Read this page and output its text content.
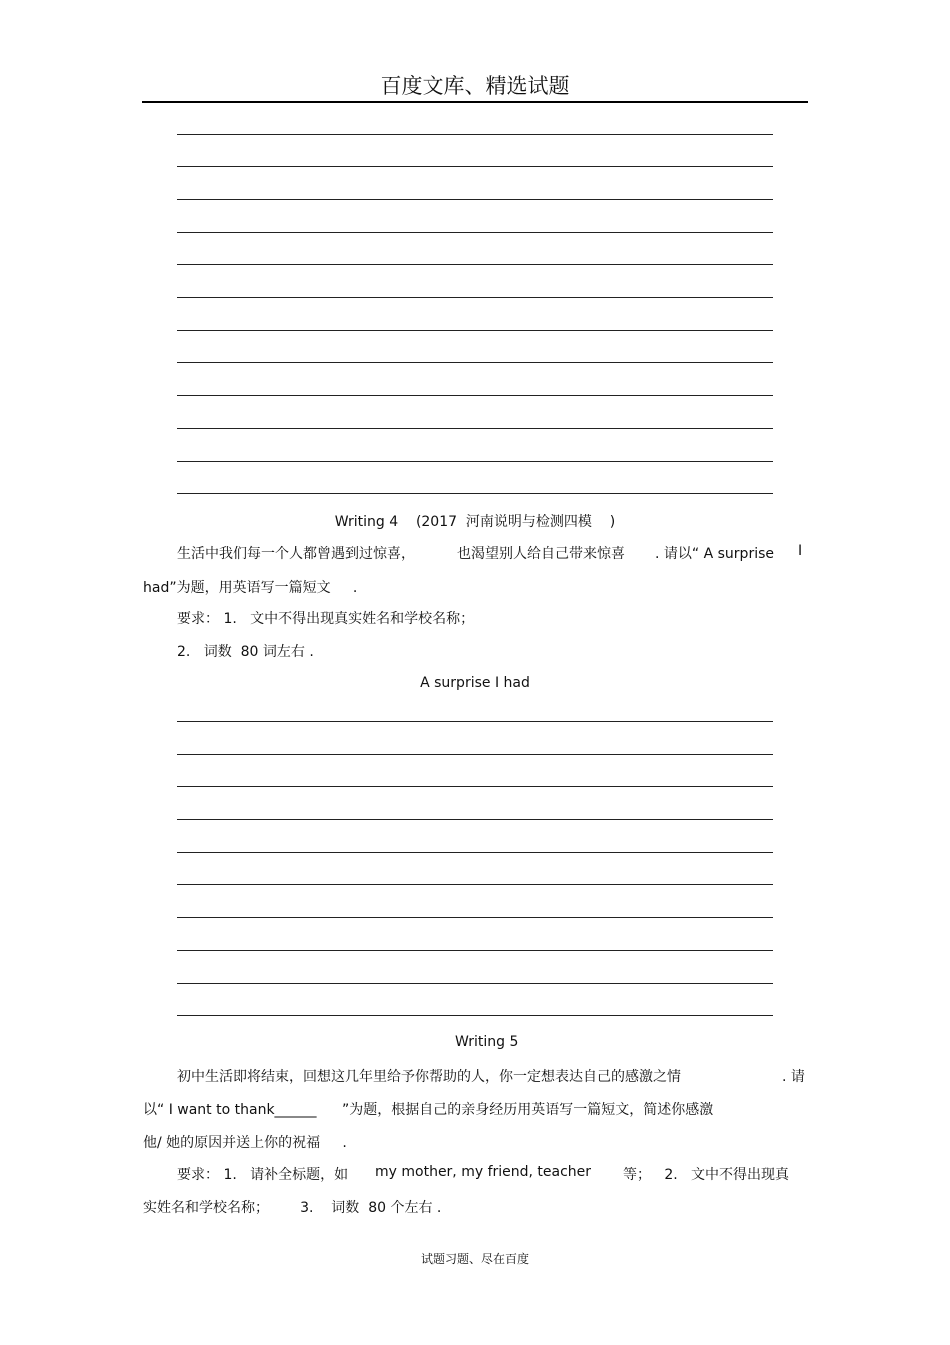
百度文库、精选试题
Writing 4    (2017  河南说明与检测四模    )
生活中我们每一个人都曾遇到过惊喜，	也渴望别人给自己带来惊喜 . 请以“ A surprise I
had”为题，用英语写一篇短文     .
要求： 1.   文中不得出现真实姓名和学校名称；
2.   词数  80 词左右 .
A surprise I had
Writing 5
初中生活即将结束，回想这几年里给予你帮助的人，你一定想表达自己的感激之情	. 请
以“ I want to thank______ ”为题，根据自己的亲身经历用英语写一篇短文，简述你感激
他/ 她的原因并送上你的祝福     .
要求： 1.   请补全标题，如 my mother, my friend, teacher 等；   2. 文中不得出现真
实姓名和学校名称；       3.    词数  80 个左右 .
试题习题、尽在百度
